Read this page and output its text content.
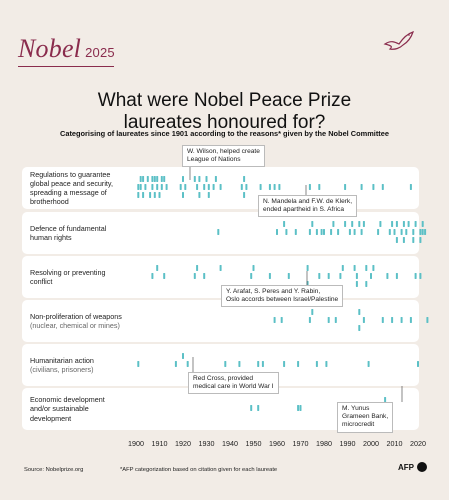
Nobel 2025
What were Nobel Peace Prize
laureates honoured for?
Categorising of laureates since 1901 according to the reasons* given by the Nobel Committee
Regulations to guarantee
global peace and security,
spreading a message of
brotherhood
Defence of fundamental
human rights
Resolving or preventing
conflict
Non-proliferation of weapons
(nuclear, chemical or mines)
Humanitarian action
(civilians, prisoners)
Economic development
and/or sustainable
development
1900	1910	1920	1930	1940	1950	1960	1970	1980	1990	2000	2010	2020
W. Wilson, helped create
League of Nations
N. Mandela and F.W. de Klerk,
ended apartheid in S. Africa
Y. Arafat, S. Peres and Y. Rabin,
Oslo accords between Israel/Palestine
Red Cross, provided
medical care in World War I
M. Yunus
Grameen Bank,
microcredit
Source: Nobelprize.org	*AFP categorization based on citation given for each laureate	AFP
